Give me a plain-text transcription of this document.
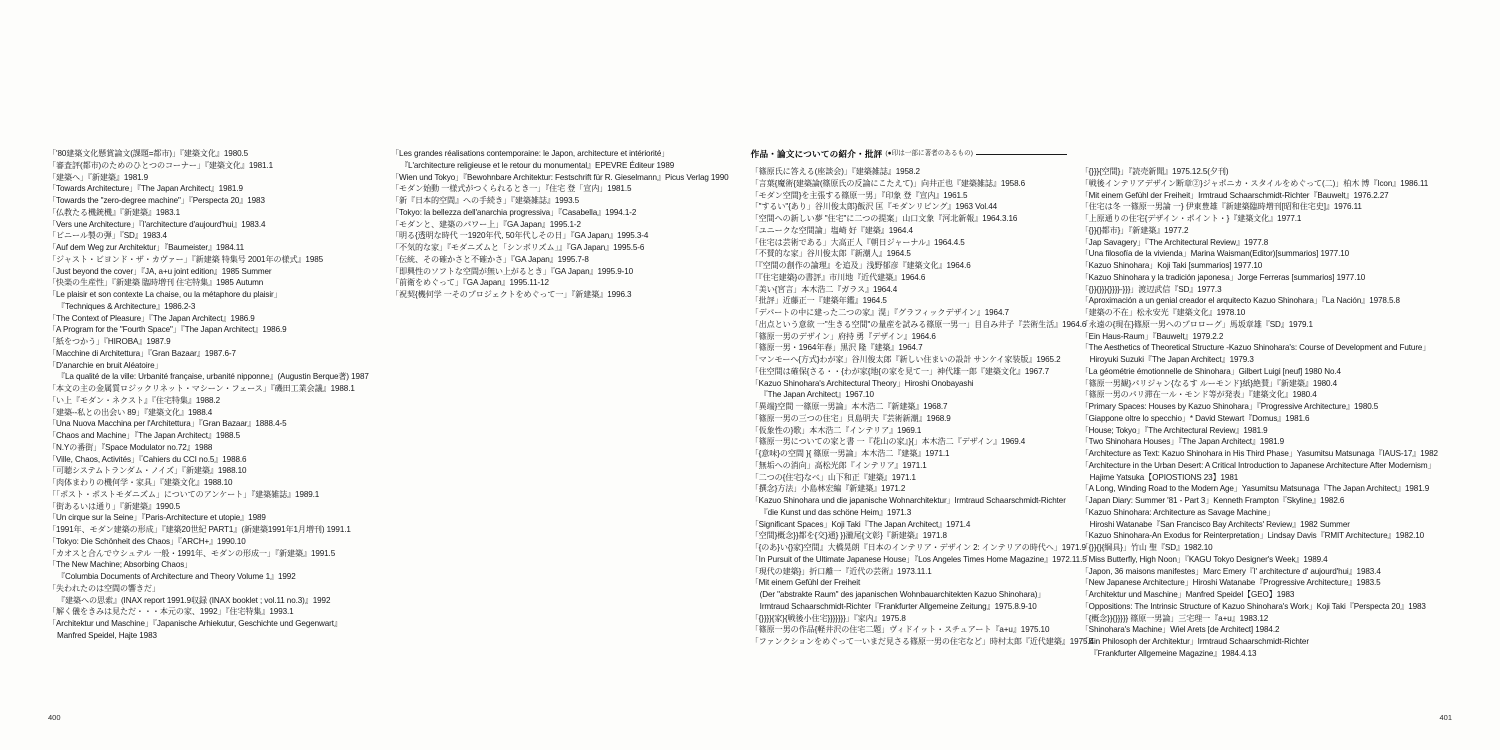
「'80建築文化懸賞論文(課題=都市)」『建築文化』1980.5
「審査評(都市)のためのひとつのコーナー」『建築文化』1981.1
「建築へ」『新建築』1981.9
「Towards Architecture」『The Japan Architect』1981.9
「Towards the "zero-degree machine"」『Perspecta 20』1983
「仏教たる機銃機』『新建築』1983.1
「Vers une Architecture」『l'architecture d'aujourd'hui』1983.4
「ビニール製の弾」『SD』1983.4
「Auf dem Weg zur Architektur」『Baumeister』1984.11
「ジャスト・ビヨンド・ザ・カヴァー」『新建築 特集号 2001年の様式』1985
「Just beyond the cover」『JA, a+u joint edition』1985 Summer
「快楽の生産性」『新建築 臨時増刊 住宅特集』1985 Autumn
「Le plaisir et son contexte La chaise, ou la métaphore du plaisir」
『Techniques & Architecture』1986.2-3
「The Context of Pleasure」『The Japan Architect』1986.9
「A Program for the "Fourth Space"」『The Japan Architect』1986.9
「紙をつかう」『HIROBA』1987.9
「Macchine di Architettura」『Gran Bazaar』1987.6-7
「D'anarchie en bruit Aléatoire」
『La qualité de la ville: Urbanité française, urbanité nipponne』(Augustin Berque著) 1987
「本文の主の金属質ロジックリネット・マシーン・フェース」『磯田工業会議』1988.1
「い上『モダン・ネクスト』『住宅特集』1988.2
「建築--私との出会い 89」『建築文化』1988.4
「Una Nuova Macchina per l'Architettura」『Gran Bazaar』1888.4-5
「Chaos and Machine」『The Japan Architect』1988.5
「N.Yの番街」『Space Modulator no.72』1988
「Ville, Chaos, Activités」『Cahiers du CCI no.5』1988.6
「可聴システムトランダム・ノイズ」『新建築』1988.10
「肉体まわりの機何学・家具」『建築文化』1988.10
「「ポスト・ポストモダニズム」についてのアンケート」『建築雑誌』1989.1
「街あるいは通り」『新建築』1990.5
「Un cirque sur la Seine」『Paris-Architecture et utopie』1989
「1991年、モダン建築の形成」『建築20世紀 PART1』(新建築1991年1月増刊) 1991.1
「Tokyo: Die Schönheit des Chaos」『ARCH+』1990.10
「カオスと合んでウシュテル 一般・1991年、モダンの形成一」『新建築』1991.5
「The New Machine; Absorbing Chaos」
『Columbia Documents of Architecture and Theory Volume 1』1992
「失われたのは空間の響きだ」
『建築への思索』(INAX report 1991.9収録 (INAX booklet ; vol.11 no.3)』1992
「解く儀をきみは見ただ・・・本元の家、1992」『住宅特集』1993.1
「Architektur und Maschine」『Japanische Arhiekutur, Geschichte und Gegenwart』
Manfred Speidel, Hajte 1983
「Les grandes réalisations contemporaine: le Japon, architecture et intériorité」
『L'architecture religieuse et le retour du monumental』EPEVRE Éditeur 1989
「Wien und Tokyo」『Bewohnbare Architektur: Festschrift für R. Gieselmann』Picus Verlag 1990
「モダン始動 一様式がつくられるとき一」『住宅 登「宣内」1981.5
「新『日本的空間』への手続き」『建築雑誌』1993.5
「Tokyo: la bellezza dell'anarchia progressiva」『Casabella』1994.1-2
「モダンと、建築のパワー上」『GA Japan』1995.1-2
「明る{透明な時代 一1920年代, 50年代しその日」『GA Japan』1995.3-4
「不気的な家」『モダニズムと「シンボリズム」』『GA Japan』1995.5-6
「伝統、その確かさと不確かさ」『GA Japan』1995.7-8
「即興性のソフトな空間が無い上がるとき」『GA Japan』1995.9-10
「前衛をめぐって」『GA Japan』1995.11-12
「祝契{機何学 一そのプロジェクトをめぐって一」『新建築』1996.3
作品・論文についての紹介・批評 (●印は一部に著者のあるもの)
「篠原氏に答える(座談会)」『建築雑誌』1958.2
「言葉{魔術{建築論(篠原氏の反論にこたえて)」向井正也『建築雑誌』1958.6
「モダン空間}を主張する篠原一男」『印象 登『宣内』1961.5
「"するい"{あり」谷川俊太郎}飯沢 匡『モダンリビング』1963 Vol.44
「空間への新しい夢 "住宅"に二つの提案」山口文象『河北新報』1964.3.16
「ユニークな空間論」塩崎 好『建築』1964.4
「住宅は芸術である」大高正人『朝日ジャーナル』1964.4.5
「不賛的な家」谷川俊太郎『新潮人』1964.5
「『空間の創作の論理』を追及」浅野郁彦『建築文化』1964.6
「『住宅建築}の書評』市川地『近代建築』1964.6
「美い{宮言」本木浩二『ガラス』1964.4
「批評」近藤正一『建築年鑑』1964.5
「デパートの中に建った二つの家』滉」『グラフィックデザイン』1964.7
「出点という意欲 一"生きる空間"の量産を試みる篠原一男一」目自み井子『芸術生活』1964.6
「篠原一男のデザイン」府持 勇『デザイン』1964.6
「篠原一男・1964年春」黒沢 隆『建築』1964.7
「マンモーへ{方式}わが家」谷川俊太郎『新しい住まいの設計 サンケイ家装版』1965.2
「住空間は確保{さる・・{わが家{地{の家を見て一」神代雄一郎『建築文化』1967.7
「Kazuo Shinohara's Architectural Theory」Hiroshi Onobayashi
『The Japan Architect』1967.10
「異端}空間 一篠原一男論」本木浩二『新建築』1968.7
「篠原一男の三つの住宅」貝島明夫『芸術新潮』1968.9
「仮象性の}歌」本木浩二『インテリア』1969.1
「篠原一男についての家と書 一『花山の家』}{」本木浩二『デザイン』1969.4
「{意味}の空間 }{ 篠原一男論」本木浩二『建築』1971.1
「無垢への消向」高松光郎『インテリア』1971.1
「二つの{住宅}なべ」山下和正『建築』1971.1
「撰念}方法」小島林宏編『新建築』1971.2
「Kazuo Shinohara und die japanische Wohnarchitektur」Irmtraud Schaarschmidt-Richter
『die Kunst und das schöne Heim』1971.3
「Significant Spaces」Koji Taki『The Japan Architect』1971.4
「空間}概念}}都を{交}通} }}瀧尾{文彰}『新建築』1971.8
「{のあ}い{}家}空間』大橋晃朗『日本のインテリア・デザイン 2: インテリアの時代へ」1971.9
「In Pursuit of the Ultimate Japanese House」『Los Angeles Times Home Magazine』1972.11.5
「現代の建築}」折口離一『近代の芸術』1973.11.1
「Mit einem Gefühl der Freiheit
(Der "abstrakte Raum" des japanischen Wohnbauarchitekten Kazuo Shinohara)」
Irmtraud Schaarschmidt-Richter『Frankfurter Allgemeine Zeitung』1975.8.9-10
「{}}}}{家}{戦後小住宅}}}}}}}」『家内』1975.8
「篠原一男の作品{軽井沢の住宅二題」ヴィドイット・スチュアート『a+u』1975.10
「ファンクションをめぐって一いまだ見さる篠原一男の住宅など」時村太郎『近代建築』1975.4
「{}}}{空間}」『読売新聞』1975.12.5(夕刊)
「戦後インテリアデザイン断章②}ジャポニカ・スタイルをめぐって(二)」柏木 博『Icon』1986.11
「Mit einem Gefühl der Freiheit」Irmtraud Schaarschmidt-Richter『Bauwelt』1976.2.27
「住宅は冬 一篠原一男論 一} 伊東豊雄『新建築臨時増刊[昭和住宅史]』1976.11
「上原通りの住宅{デザイン・ポイント・}『建築文化』1977.1
「{}}{}都市}」『新建築』1977.2
「Jap Savagery」『The Architectural Review』1977.8
「Una filosofía de la vivienda」Marina Waisman(Editor)[summarios] 1977.10
「Kazuo Shinohara」Koji Taki [summarios] 1977.10
「Kazuo Shinohara y la tradición japonesa」Jorge Ferreras [summarios] 1977.10
「{}}{}}}{}}}}-}}}」渡辺武信『SD』1977.3
「Aproximación a un genial creador el arquitecto Kazuo Shinohara」『La Nación』1978.5.8
「建築の不在」松永安光『建築文化』1978.10
「永遠の{現在}篠原一男へのプロローグ」馬坂章雄『SD』1979.1
「Ein Haus-Raum」『Bauwelt』1979.2.2
「The Aesthetics of Theoretical Structure -Kazuo Shinohara's: Course of Development and Future」
Hiroyuki Suzuki『The Japan Architect』1979.3
「La géométrie émotionnelle de Shinohara」Gilbert Luigi [neuf] 1980 No.4
「篠原一男観}パリジャン{なるす ルーモンド}紙}絶賛」『新建築』1980.4
「篠原一男のパリ滞在一ル・モンド等が発表」『建築文化』1980.4
「Primary Spaces: Houses by Kazuo Shinohara」『Progressive Architecture』1980.5
「Giappone oltre lo specchio」* David Stewart『Domus』1981.6
「House; Tokyo」『The Architectural Review』1981.9
「Two Shinohara Houses」『The Japan Architect』1981.9
「Architecture as Text: Kazuo Shinohara in His Third Phase」Yasumitsu Matsunaga『IAUS-17』1982
「Architecture in the Urban Desert: A Critical Introduction to Japanese Architecture After Modernism」
Hajime Yatsuka【OPIOSTIONS 23】1981
「A Long, Winding Road to the Modern Age」Yasumitsu Matsunaga『The Japan Architect』1981.9
「Japan Diary: Summer '81 - Part 3」Kenneth Frampton『Skyline』1982.6
「Kazuo Shinohara: Architecture as Savage Machine」
Hiroshi Watanabe『San Francisco Bay Architects' Review』1982 Summer
「Kazuo Shinohara-An Exodus for Reinterpretation」Lindsay Davis『RMIT Architecture』1982.10
「{}}{}{綱具}」竹山 聖『SD』1982.10
「Miss Butterfly, High Noon」『KAGU Tokyo Designer's Week』1989.4
「Japon, 36 maisons manifestes」Marc Emery『l' architecture d' aujourd'hui』1983.4
「New Japanese Architecture」Hiroshi Watanabe『Progressive Architecture』1983.5
「Architektur und Maschine」Manfred Speidel【GEO】1983
「Oppositions: The Intrinsic Structure of Kazuo Shinohara's Work」Koji Taki『Perspecta 20』1983
「{概念}}{}}}}} 篠原一男論」三宅理一『a+u』1983.12
「Shinohara's Machine」Wiel Arets [de Architect] 1984.2
「Ein Philosoph der Architektur」Irmtraud Schaarschmidt-Richter
『Frankfurter Allgemeine Magazine』1984.4.13
400	401
